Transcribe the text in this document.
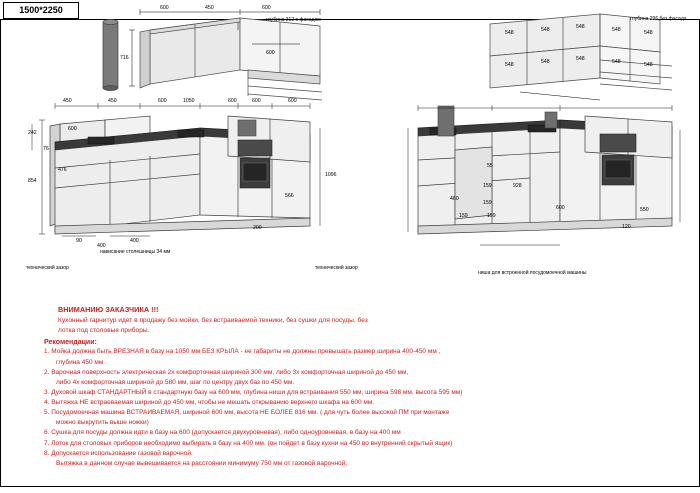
1500*2250	600	450	600
716
600
глубина 312 с фасадом	глубина 296 без фасада
548	548	548	548	548
548	548	548	548	548
450	450	600	1050	600	600	600
242
600
76
476
854
566
1096
200
90
400
400
нависание столешницы 34 мм
технический зазор	технический зазор
55
159	928
460
159
159	159
600	550
120
ниша для встроенной посудомоечной машины
ВНИМАНИЮ ЗАКАЗЧИКА !!!

Кухонный гарнитур идет в продажу без мойки, без встраиваемой техники, без сушки для посуды, без

лотка под столовые приборы.

Рекомендации:

1. Мойка должна быть ВРЕЗНАЯ в базу на 1050 мм БЕЗ КРЫЛА - ее габариты не должны превышать размер ширина 400-450 мм ,

глубина 450 мм .

2. Варочная поверхность электрическая 2х комфорточная шириной 300 мм, либо 3х комфорточная шириной до 450 мм,

либо 4х комфорточная шириной до 580 мм, шаг по центру двух баз по 450 мм.

3. Духовой шкаф СТАНДАРТНЫЙ в стандартную базу на 600 мм, глубина ниши для встраивания 550 мм, ширина 598 мм, высота 595 мм)

4. Вытяжка НЕ встраеваемая шириной до 450 мм, чтобы не мешать открыванию верхнего шкафа на 600 мм.

5. Посудомоечная машина ВСТРАИВАЕМАЯ, шириной 600 мм, высота НЕ БОЛЕЕ 816 мм. ( для чуть более высокой ПМ при монтаже

можно выкрутить выше ножки)

6. Сушка для посуды должна идти в базу на 600 (допускается двухуровневая), либо одноуровневая, в базу на 400 мм

7. Лоток для столовых приборов необходимо выбирать в базу на 400 мм. (он пойдет в базу кухни на 450 во внутренний скрытый ящик)

8. Допускается использование газовой варочной.

Вытяжка в данном случае вывешивается на расстоянии минимуму 750 мм от газовой варочной.
